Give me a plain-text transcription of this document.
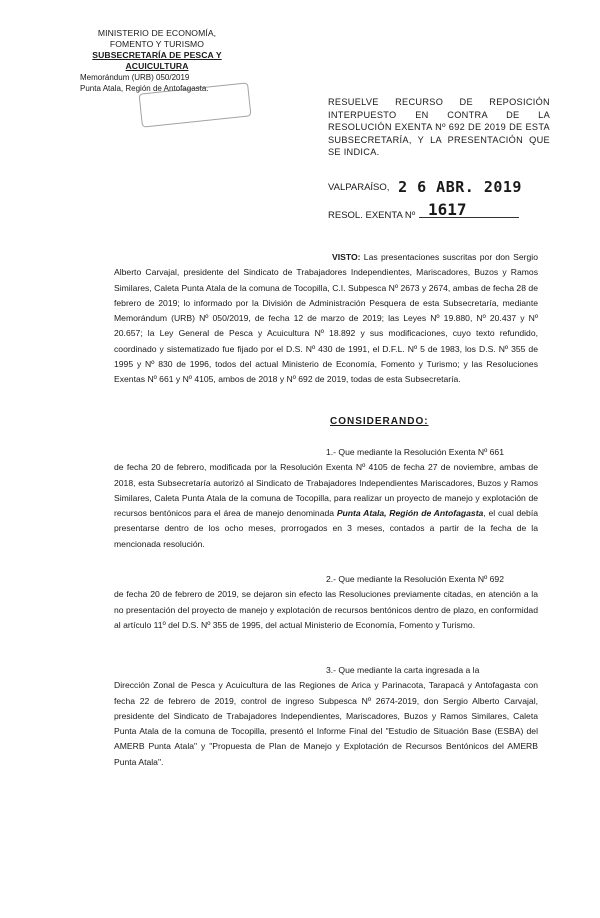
MINISTERIO DE ECONOMÍA,
FOMENTO Y TURISMO
SUBSECRETARÍA DE PESCA Y ACUICULTURA
Memorándum (URB) 050/2019
Punta Atala, Región de Antofagasta.
RESUELVE RECURSO DE REPOSICIÓN INTERPUESTO EN CONTRA DE LA RESOLUCIÓN EXENTA Nº 692 DE 2019 DE ESTA SUBSECRETARÍA, Y LA PRESENTACIÓN QUE SE INDICA.
VALPARAÍSO, 2 6 ABR. 2019
RESOL. EXENTA Nº 1617
VISTO: Las presentaciones suscritas por don Sergio Alberto Carvajal, presidente del Sindicato de Trabajadores Independientes, Mariscadores, Buzos y Ramos Similares, Caleta Punta Atala de la comuna de Tocopilla, C.I. Subpesca Nº 2673 y 2674, ambas de fecha 28 de febrero de 2019; lo informado por la División de Administración Pesquera de esta Subsecretaría, mediante Memorándum (URB) Nº 050/2019, de fecha 12 de marzo de 2019; las Leyes Nº 19.880, Nº 20.437 y Nº 20.657; la Ley General de Pesca y Acuicultura Nº 18.892 y sus modificaciones, cuyo texto refundido, coordinado y sistematizado fue fijado por el D.S. Nº 430 de 1991, el D.F.L. Nº 5 de 1983, los D.S. Nº 355 de 1995 y Nº 830 de 1996, todos del actual Ministerio de Economía, Fomento y Turismo; y las Resoluciones Exentas Nº 661 y Nº 4105, ambos de 2018 y Nº 692 de 2019, todas de esta Subsecretaría.
CONSIDERANDO:
1.- Que mediante la Resolución Exenta Nº 661
de fecha 20 de febrero, modificada por la Resolución Exenta Nº 4105 de fecha 27 de noviembre, ambas de 2018, esta Subsecretaría autorizó al Sindicato de Trabajadores Independientes Mariscadores, Buzos y Ramos Similares, Caleta Punta Atala de la comuna de Tocopilla, para realizar un proyecto de manejo y explotación de recursos bentónicos para el área de manejo denominada Punta Atala, Región de Antofagasta, el cual debía presentarse dentro de los ocho meses, prorrogados en 3 meses, contados a partir de la fecha de la mencionada resolución.
2.- Que mediante la Resolución Exenta Nº 692
de fecha 20 de febrero de 2019, se dejaron sin efecto las Resoluciones previamente citadas, en atención a la no presentación del proyecto de manejo y explotación de recursos bentónicos dentro de plazo, en conformidad al artículo 11º del D.S. Nº 355 de 1995, del actual Ministerio de Economía, Fomento y Turismo.
3.- Que mediante la carta ingresada a la
Dirección Zonal de Pesca y Acuicultura de las Regiones de Arica y Parinacota, Tarapacá y Antofagasta con fecha 22 de febrero de 2019, control de ingreso Subpesca Nº 2674-2019, don Sergio Alberto Carvajal, presidente del Sindicato de Trabajadores Independientes, Mariscadores, Buzos y Ramos Similares, Caleta Punta Atala de la comuna de Tocopilla, presentó el Informe Final del "Estudio de Situación Base (ESBA) del AMERB Punta Atala" y "Propuesta de Plan de Manejo y Explotación de Recursos Bentónicos del AMERB Punta Atala".
